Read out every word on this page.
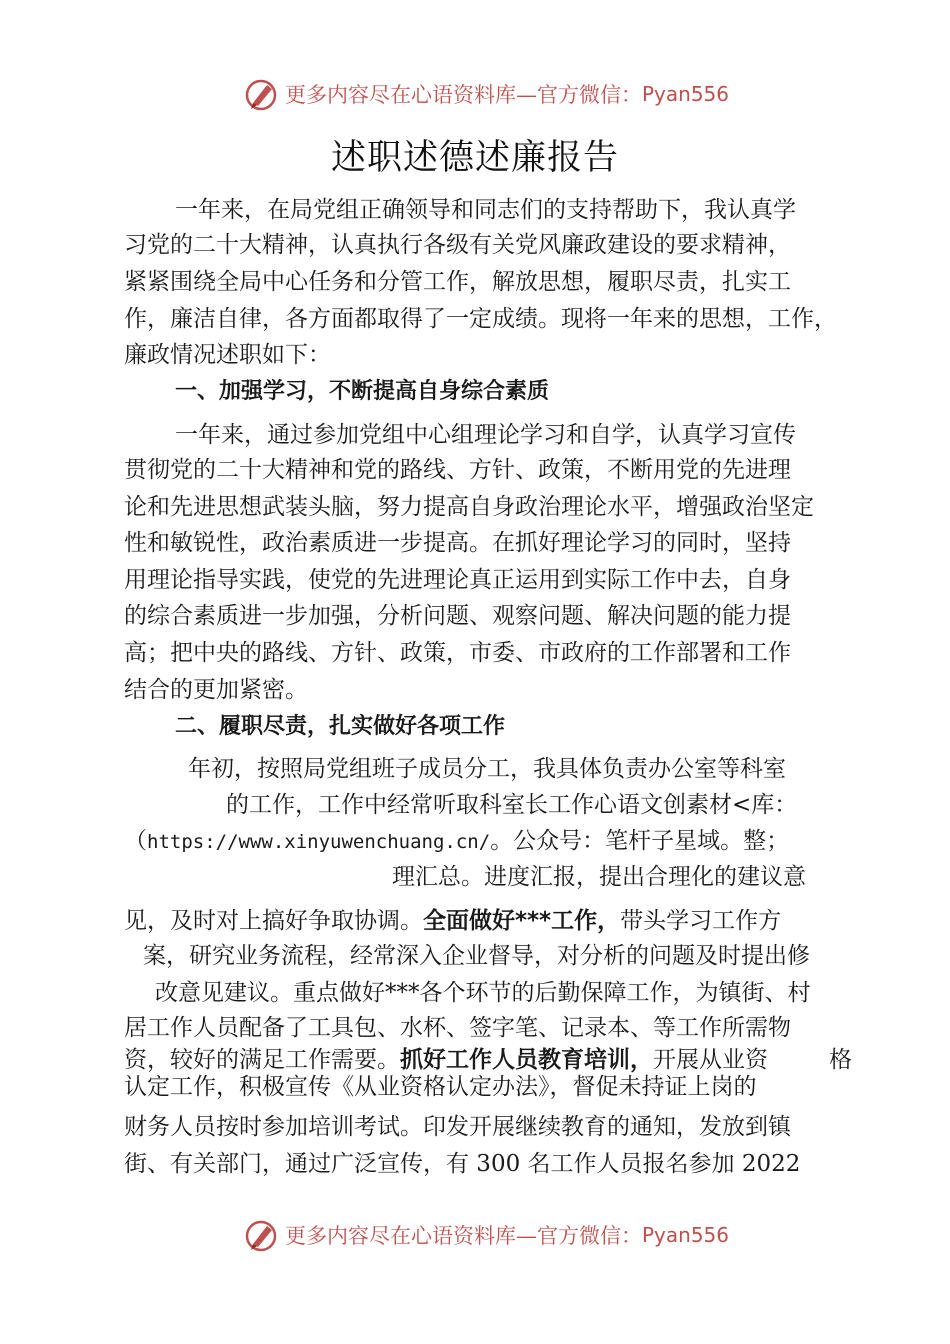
更多内容尽在心语资料库—官方微信： Pyan556
述职述德述廉报告
一年来，在局党组正确领导和同志们的支持帮助下，我认真学
习党的二十大精神，认真执行各级有关党风廉政建设的要求精神，
紧紧围绕全局中心任务和分管工作，解放思想，履职尽责，扎实工
作，廉洁自律，各方面都取得了一定成绩。现将一年来的思想，工作，
廉政情况述职如下：
一、加强学习，不断提高自身综合素质
一年来，通过参加党组中心组理论学习和自学，认真学习宣传
贯彻党的二十大精神和党的路线、方针、政策，不断用党的先进理
论和先进思想武装头脑，努力提高自身政治理论水平，增强政治坚定
性和敏锐性，政治素质进一步提高。在抓好理论学习的同时，坚持
用理论指导实践，使党的先进理论真正运用到实际工作中去，自身
的综合素质进一步加强，分析问题、观察问题、解决问题的能力提
高；把中央的路线、方针、政策，市委、市政府的工作部署和工作
结合的更加紧密。
二、履职尽责，扎实做好各项工作
年初，按照局党组班子成员分工，我具体负责办公室等科室
的工作，工作中经常听取科室长工作心语文创素材<库：
（https://www.xinyuwenchuang.cn/。公众号：笔杆子星域。整；
理汇总。进度汇报，提出合理化的建议意
见，及时对上搞好争取协调。全面做好***工作，带头学习工作方
案，研究业务流程，经常深入企业督导，对分析的问题及时提出修
改意见建议。重点做好***各个环节的后勤保障工作，为镇街、村
居工作人员配备了工具包、水杯、签字笔、记录本、等工作所需物
资，较好的满足工作需要。抓好工作人员教育培训，开展从业资	格
认定工作，积极宣传《从业资格认定办法》，督促未持证上岗的
财务人员按时参加培训考试。印发开展继续教育的通知，发放到镇
街、有关部门，通过广泛宣传，有 300 名工作人员报名参加 2022
更多内容尽在心语资料库—官方微信： Pyan556
